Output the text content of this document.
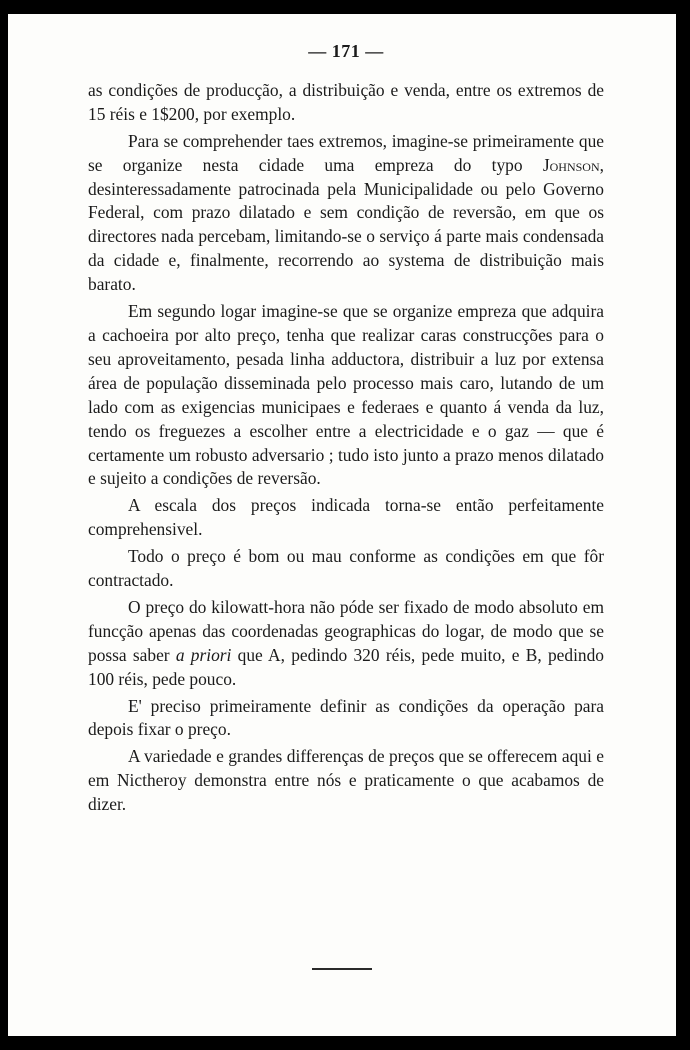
— 171 —

as condições de producção, a distribuição e venda, entre os extremos de 15 réis e 1$200, por exemplo.

Para se comprehender taes extremos, imagine-se primeiramente que se organize nesta cidade uma empreza do typo Johnson, desinteressadamente patrocinada pela Municipalidade ou pelo Governo Federal, com prazo dilatado e sem condição de reversão, em que os directores nada percebam, limitando-se o serviço á parte mais condensada da cidade e, finalmente, recorrendo ao systema de distribuição mais barato.

Em segundo logar imagine-se que se organize empreza que adquira a cachoeira por alto preço, tenha que realizar caras construcções para o seu aproveitamento, pesada linha adductora, distribuir a luz por extensa área de população disseminada pelo processo mais caro, lutando de um lado com as exigencias municipaes e federaes e quanto á venda da luz, tendo os freguezes a escolher entre a electricidade e o gaz — que é certamente um robusto adversario ; tudo isto junto a prazo menos dilatado e sujeito a condições de reversão.

A escala dos preços indicada torna-se então perfeitamente comprehensivel.

Todo o preço é bom ou mau conforme as condições em que fôr contractado.

O preço do kilowatt-hora não póde ser fixado de modo absoluto em funcção apenas das coordenadas geographicas do logar, de modo que se possa saber a priori que A, pedindo 320 réis, pede muito, e B, pedindo 100 réis, pede pouco.

E' preciso primeiramente definir as condições da operação para depois fixar o preço.

A variedade e grandes differenças de preços que se offerecem aqui e em Nictheroy demonstra entre nós e praticamente o que acabamos de dizer.
